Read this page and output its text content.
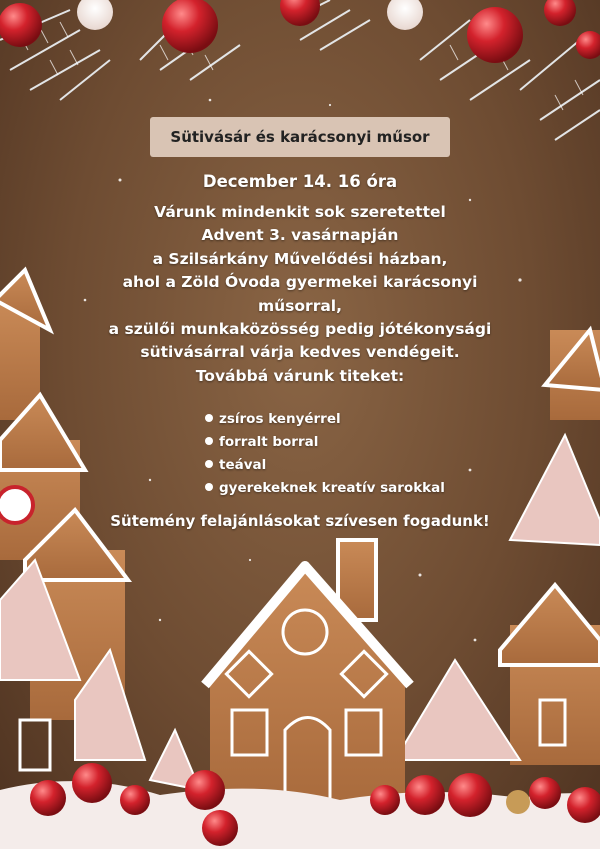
Sütivásár és karácsonyi műsor
December 14. 16 óra
Várunk mindenkit sok szeretettel
Advent 3. vasárnapján
a Szilsárkány Művelődési házban,
ahol a Zöld Óvoda gyermekei karácsonyi
műsorral,
a szülői munkaközösség pedig jótékonysági
sütivásárral várja kedves vendégeit.
Továbbá várunk titeket:
zsíros kenyérrel
forralt borral
teával
gyerekeknek kreatív sarokkal
Sütemény felajánlásokat szívesen fogadunk!
